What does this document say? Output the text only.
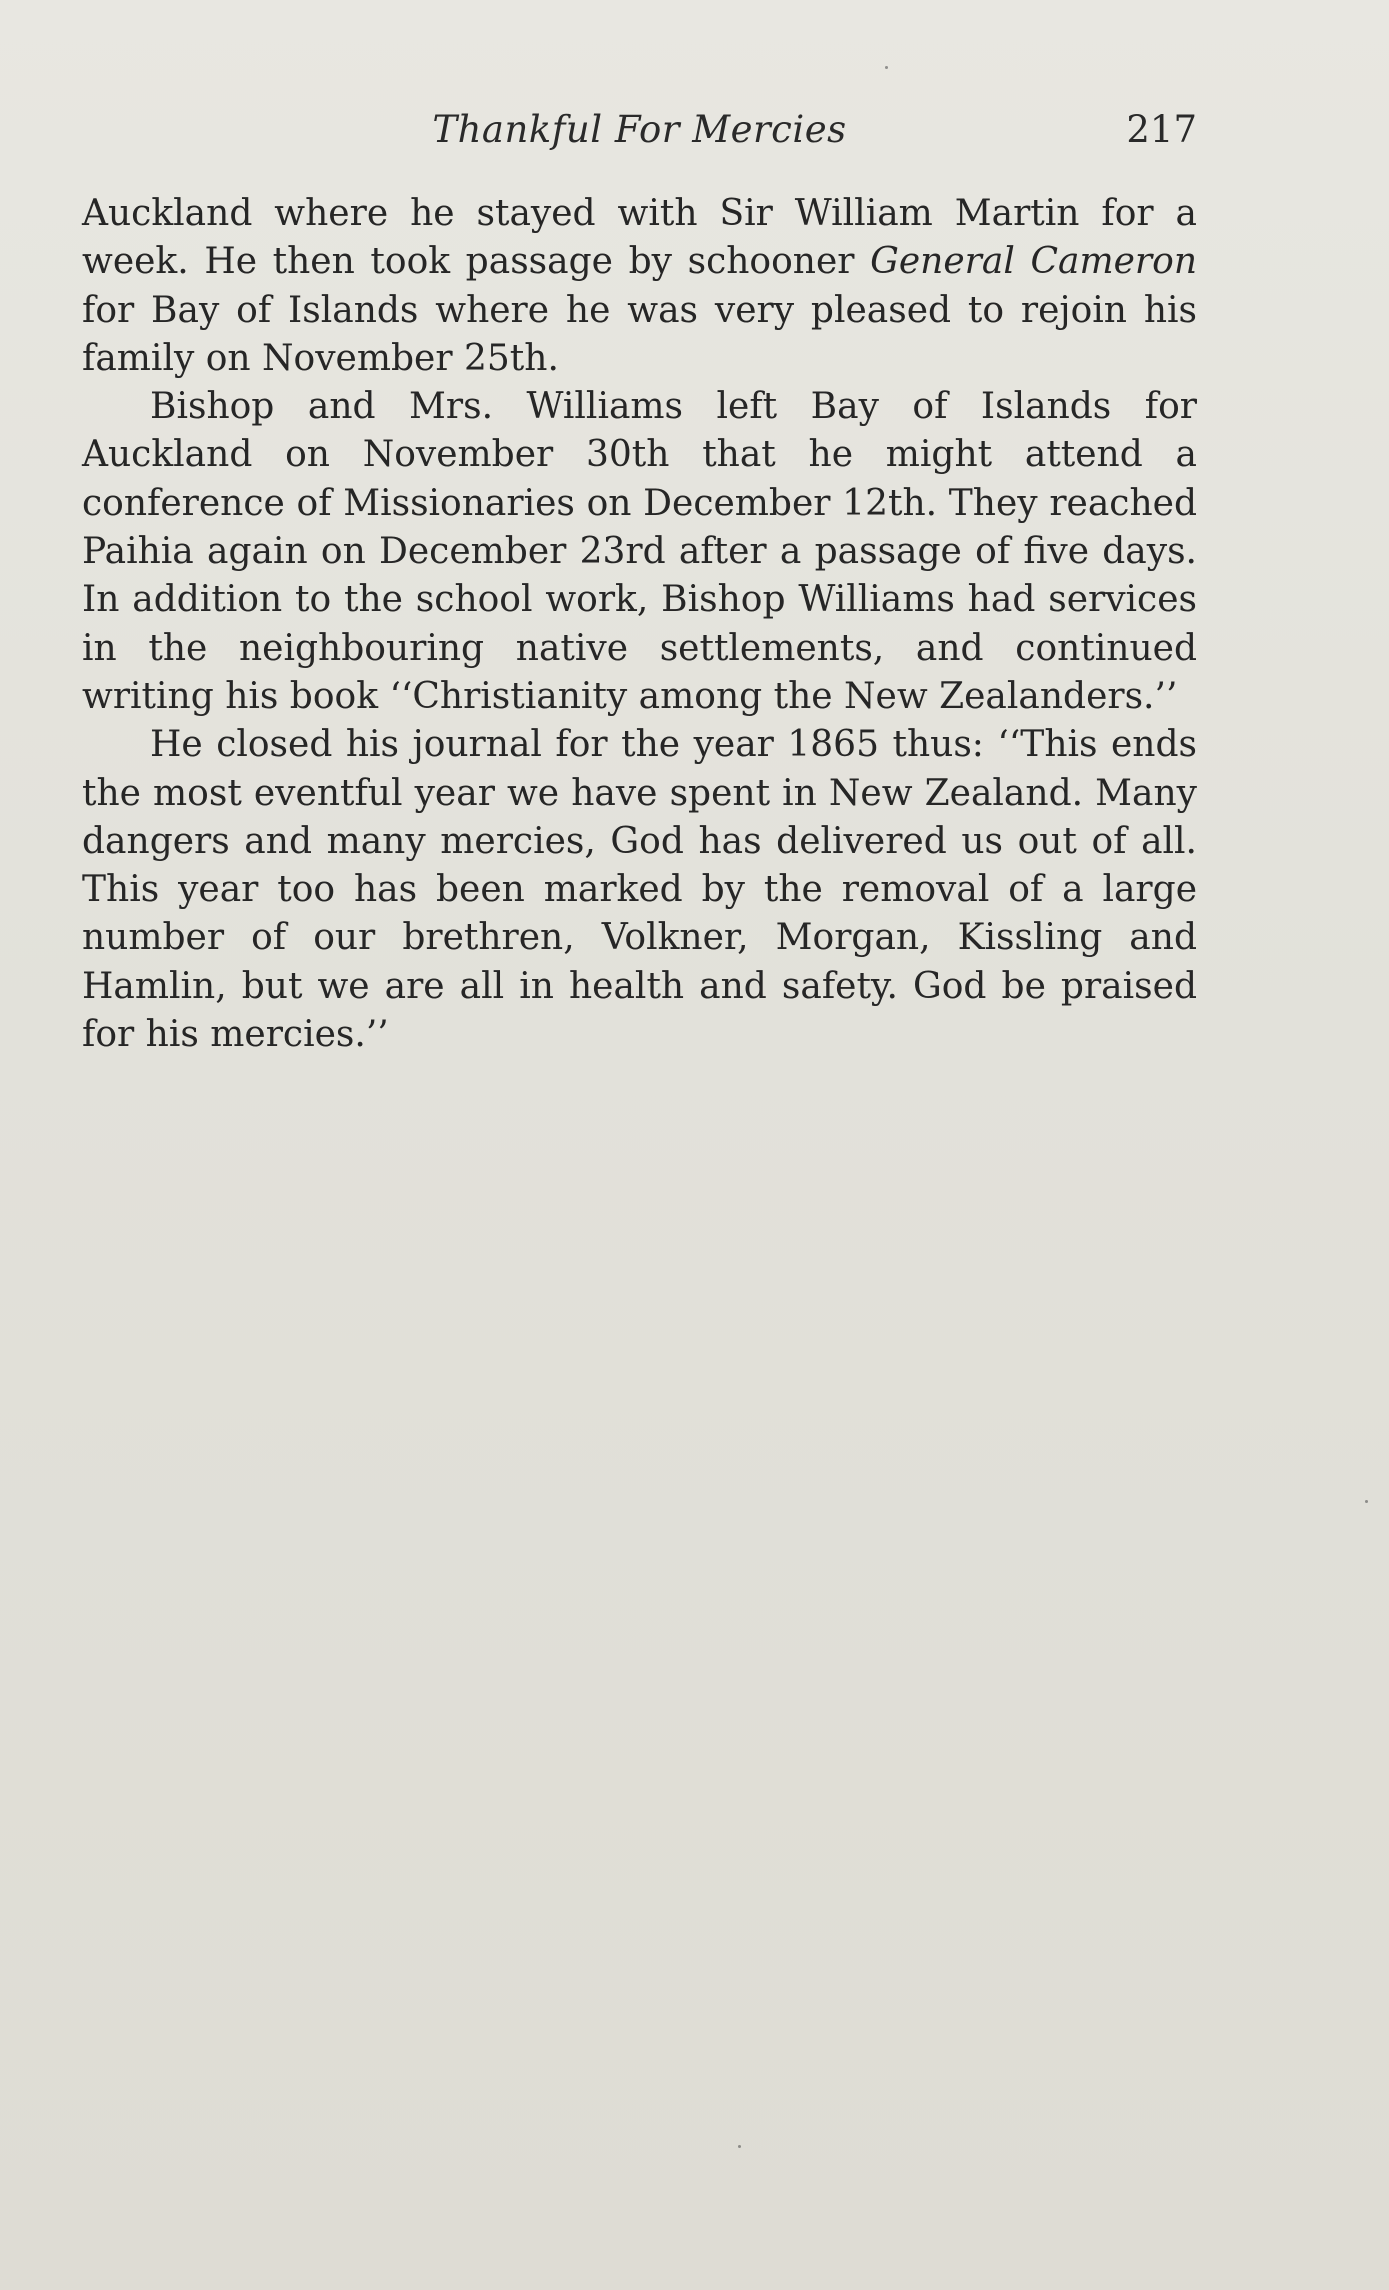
Thankful For Mercies	217

Auckland where he stayed with Sir William Martin for a week. He then took passage by schooner General Cameron for Bay of Islands where he was very pleased to rejoin his family on November 25th.

Bishop and Mrs. Williams left Bay of Islands for Auckland on November 30th that he might attend a conference of Missionaries on December 12th. They reached Paihia again on December 23rd after a passage of five days. In addition to the school work, Bishop Williams had services in the neighbouring native settlements, and continued writing his book ‘‘Christianity among the New Zealanders.’’

He closed his journal for the year 1865 thus: ‘‘This ends the most eventful year we have spent in New Zealand. Many dangers and many mercies, God has delivered us out of all. This year too has been marked by the removal of a large number of our brethren, Volkner, Morgan, Kissling and Hamlin, but we are all in health and safety. God be praised for his mercies.’’
